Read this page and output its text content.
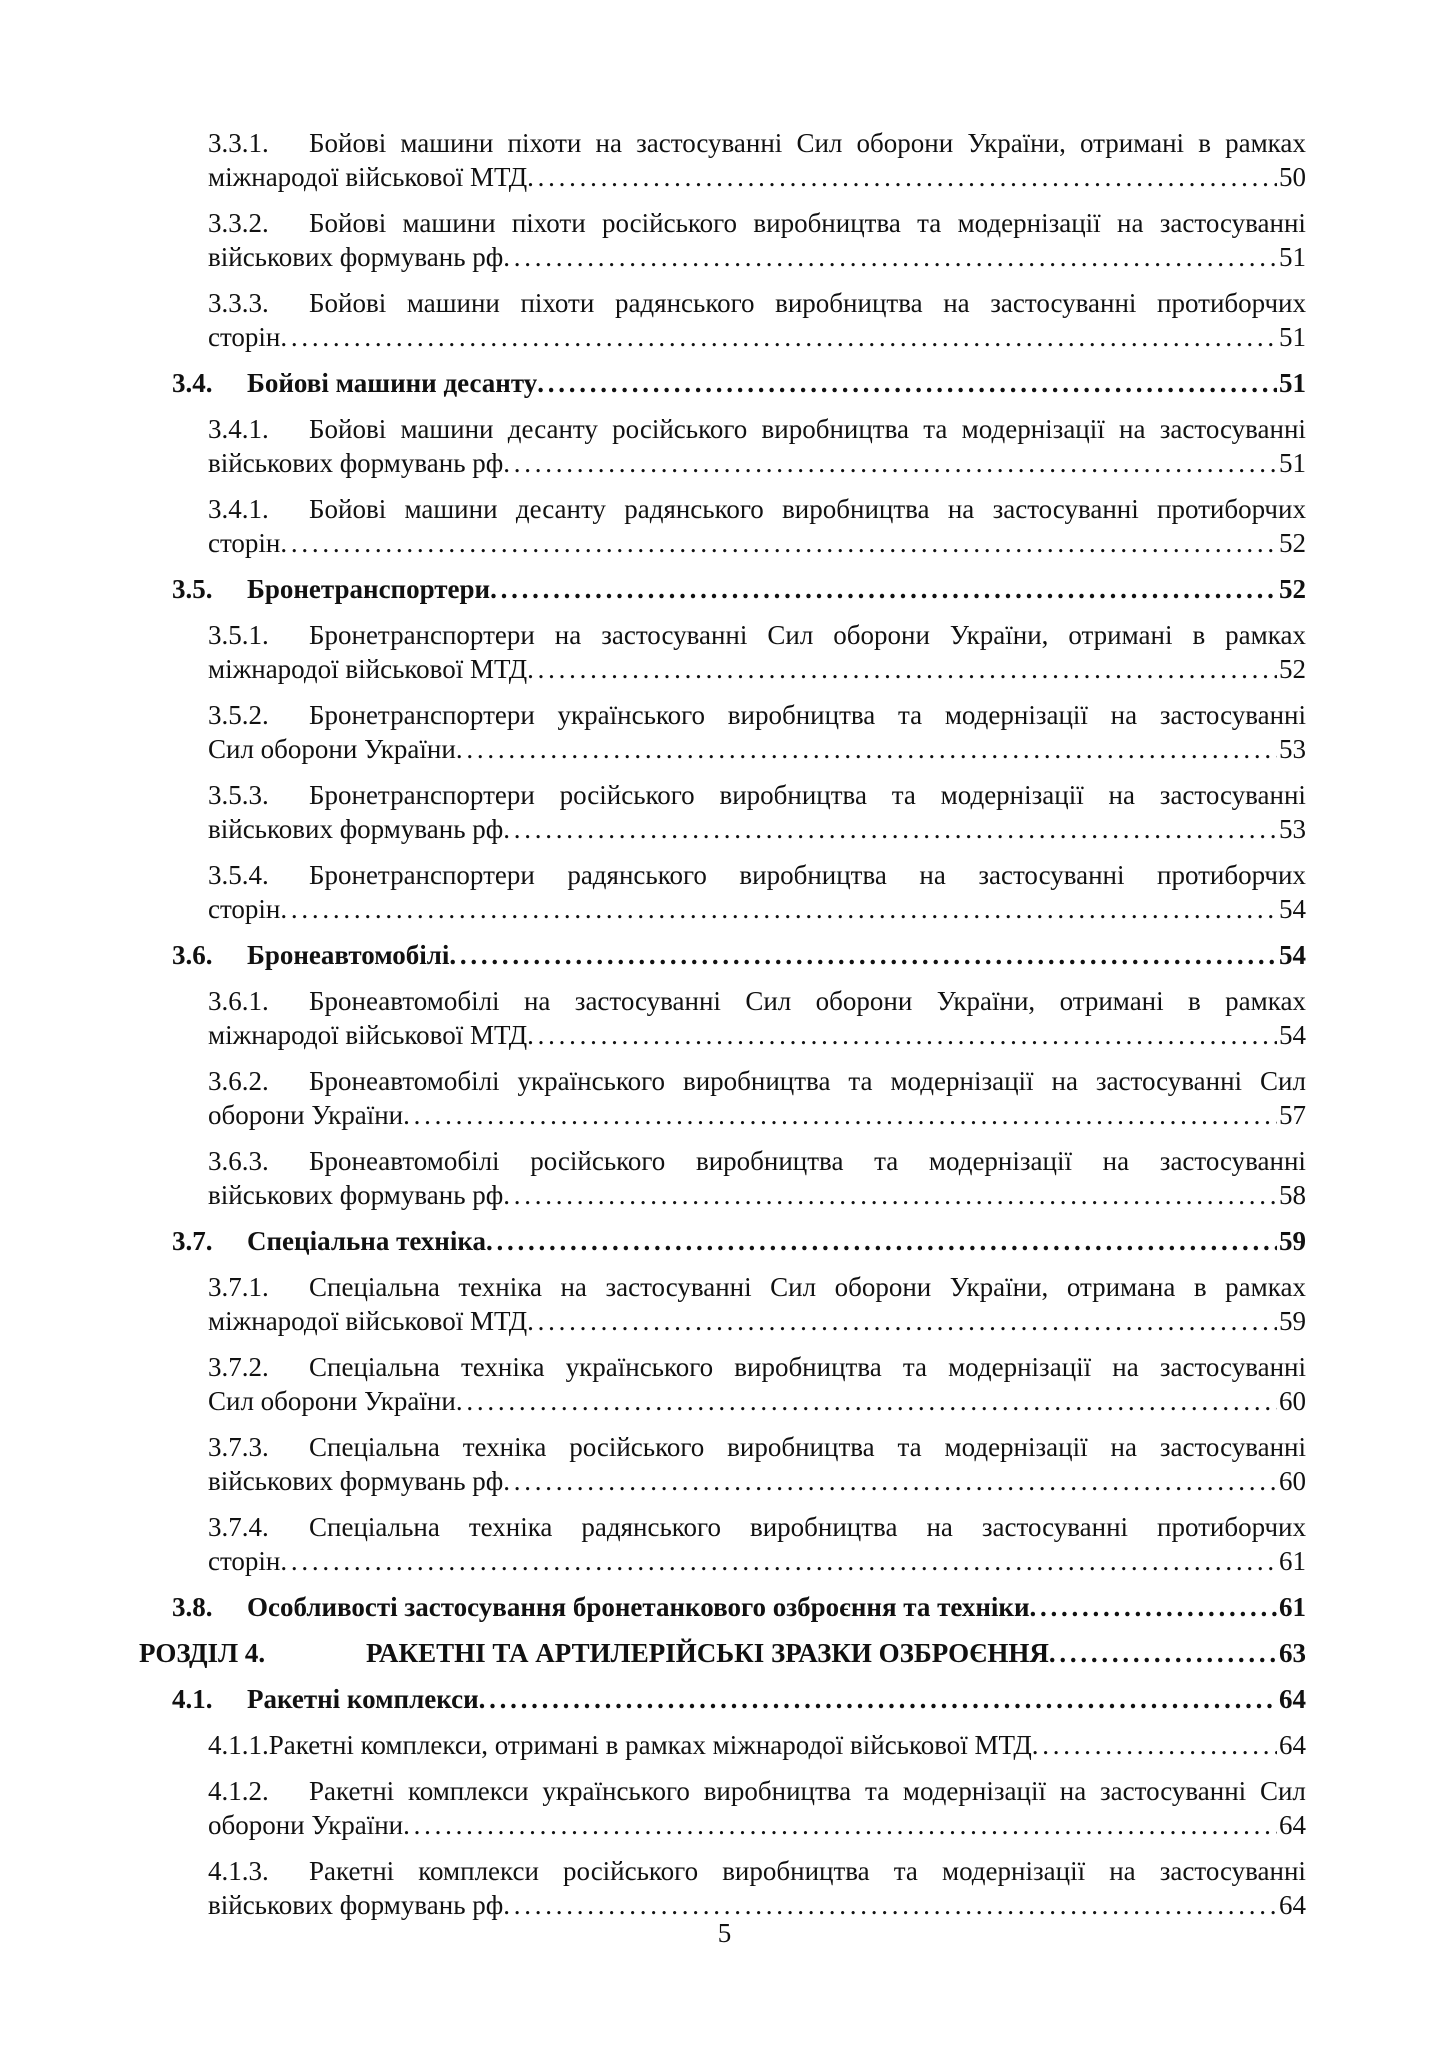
3.3.1.	Бойові машини піхоти на застосуванні Сил оборони України, отримані в рамках
міжнародої військової МТД . . .	50
3.3.2.	Бойові машини піхоти російського виробництва та модернізації на застосуванні
військових формувань рф . . .	51
3.3.3.	Бойові машини піхоти радянського виробництва на застосуванні протиборчих
сторін . . .	51
3.4.	Бойові машини десанту . . .	51
3.4.1.	Бойові машини десанту російського виробництва та модернізації на застосуванні
військових формувань рф . . .	51
3.4.1.	Бойові машини десанту радянського виробництва на застосуванні протиборчих
сторін . . .	52
3.5.	Бронетранспортери . . .	52
3.5.1.	Бронетранспортери на застосуванні Сил оборони України, отримані в рамках
міжнародої військової МТД . . .	52
3.5.2.	Бронетранспортери українського виробництва та модернізації на застосуванні
Сил оборони України . . .	53
3.5.3.	Бронетранспортери російського виробництва та модернізації на застосуванні
військових формувань рф . . .	53
3.5.4.	Бронетранспортери радянського виробництва на застосуванні протиборчих
сторін . . .	54
3.6.	Бронеавтомобілі . . .	54
3.6.1.	Бронеавтомобілі на застосуванні Сил оборони України, отримані в рамках
міжнародої військової МТД . . .	54
3.6.2.	Бронеавтомобілі українського виробництва та модернізації на застосуванні Сил
оборони України . . .	57
3.6.3.	Бронеавтомобілі російського виробництва та модернізації на застосуванні
військових формувань рф . . .	58
3.7.	Спеціальна техніка . . .	59
3.7.1.	Спеціальна техніка на застосуванні Сил оборони України, отримана в рамках
міжнародої військової МТД . . .	59
3.7.2.	Спеціальна техніка українського виробництва та модернізації на застосуванні
Сил оборони України . . .	60
3.7.3.	Спеціальна техніка російського виробництва та модернізації на застосуванні
військових формувань рф . . .	60
3.7.4.	Спеціальна техніка радянського виробництва на застосуванні протиборчих
сторін . . .	61
3.8.	Особливості застосування бронетанкового озброєння та техніки . . .	61
РОЗДІЛ 4.	РАКЕТНІ ТА АРТИЛЕРІЙСЬКІ ЗРАЗКИ ОЗБРОЄННЯ . . .	63
4.1.	Ракетні комплекси . . .	64
4.1.1. Ракетні комплекси, отримані в рамках міжнародої військової МТД . . .	64
4.1.2.	Ракетні комплекси українського виробництва та модернізації на застосуванні Сил
оборони України . . .	64
4.1.3.	Ракетні комплекси російського виробництва та модернізації на застосуванні
військових формувань рф . . .	64
5
